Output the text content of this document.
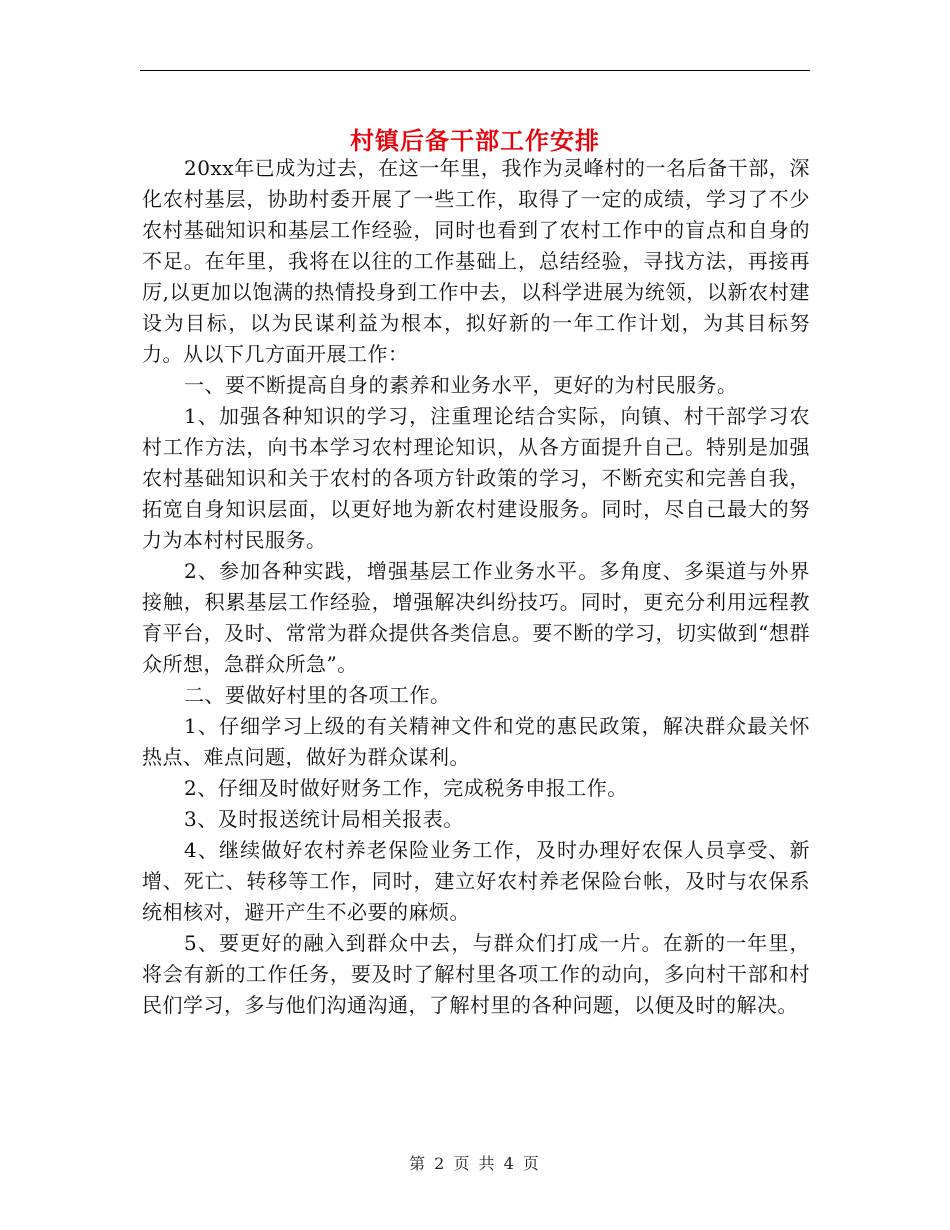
村镇后备干部工作安排

20xx年已成为过去，在这一年里，我作为灵峰村的一名后备干部，深化农村基层，协助村委开展了一些工作，取得了一定的成绩，学习了不少农村基础知识和基层工作经验，同时也看到了农村工作中的盲点和自身的不足。在年里，我将在以往的工作基础上，总结经验，寻找方法，再接再厉,以更加以饱满的热情投身到工作中去，以科学进展为统领，以新农村建设为目标，以为民谋利益为根本，拟好新的一年工作计划，为其目标努力。从以下几方面开展工作：

一、要不断提高自身的素养和业务水平，更好的为村民服务。

1、加强各种知识的学习，注重理论结合实际，向镇、村干部学习农村工作方法，向书本学习农村理论知识，从各方面提升自己。特别是加强农村基础知识和关于农村的各项方针政策的学习，不断充实和完善自我，拓宽自身知识层面，以更好地为新农村建设服务。同时，尽自己最大的努力为本村村民服务。

2、参加各种实践，增强基层工作业务水平。多角度、多渠道与外界接触，积累基层工作经验，增强解决纠纷技巧。同时，更充分利用远程教育平台，及时、常常为群众提供各类信息。要不断的学习，切实做到“想群众所想，急群众所急”。

二、要做好村里的各项工作。

1、仔细学习上级的有关精神文件和党的惠民政策，解决群众最关怀热点、难点问题，做好为群众谋利。

2、仔细及时做好财务工作，完成税务申报工作。

3、及时报送统计局相关报表。

4、继续做好农村养老保险业务工作，及时办理好农保人员享受、新增、死亡、转移等工作，同时，建立好农村养老保险台帐，及时与农保系统相核对，避开产生不必要的麻烦。

5、要更好的融入到群众中去，与群众们打成一片。在新的一年里，将会有新的工作任务，要及时了解村里各项工作的动向，多向村干部和村民们学习，多与他们沟通沟通，了解村里的各种问题，以便及时的解决。

第 2 页 共 4 页
